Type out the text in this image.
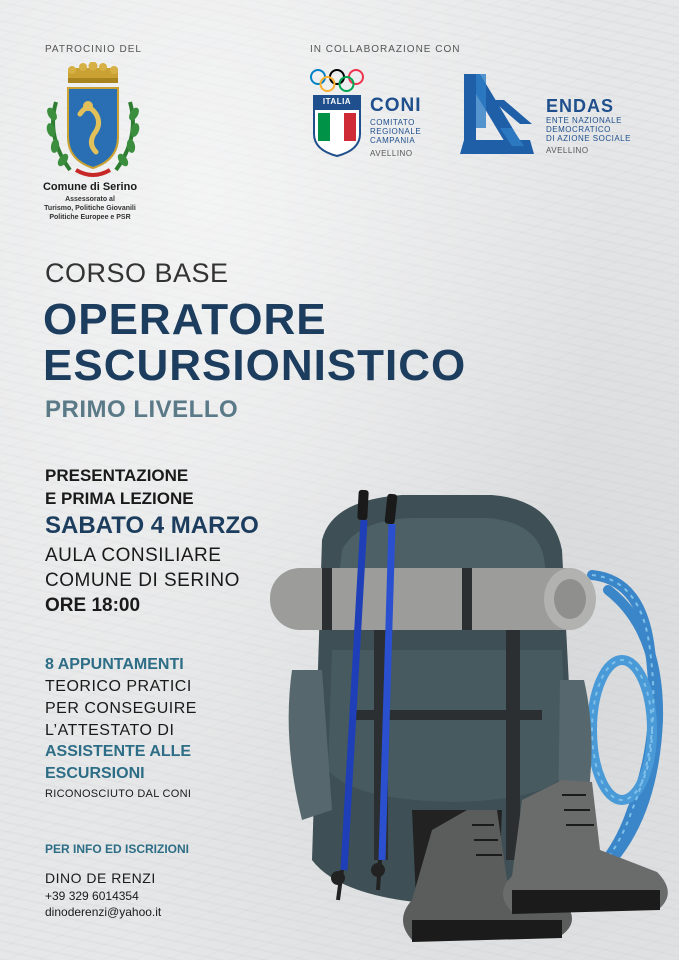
PATROCINIO DEL	IN COLLABORAZIONE CON
Comune di Serino
Assessorato al
Turismo, Politiche Giovanili
Politiche Europee e PSR
ITALIA CONI
COMITATO
REGIONALE
CAMPANIA
AVELLINO
ENDAS
ENTE NAZIONALE
DEMOCRATICO
DI AZIONE SOCIALE
AVELLINO
CORSO BASE
OPERATORE
ESCURSIONISTICO
PRIMO LIVELLO
PRESENTAZIONE
E PRIMA LEZIONE
SABATO 4 MARZO
AULA CONSILIARE
COMUNE DI SERINO
ORE 18:00
8 APPUNTAMENTI
TEORICO PRATICI
PER CONSEGUIRE
L’ATTESTATO DI
ASSISTENTE ALLE
ESCURSIONI
RICONOSCIUTO DAL CONI
PER INFO ED ISCRIZIONI
DINO DE RENZI
+39 329 6014354
dinoderenzi@yahoo.it
